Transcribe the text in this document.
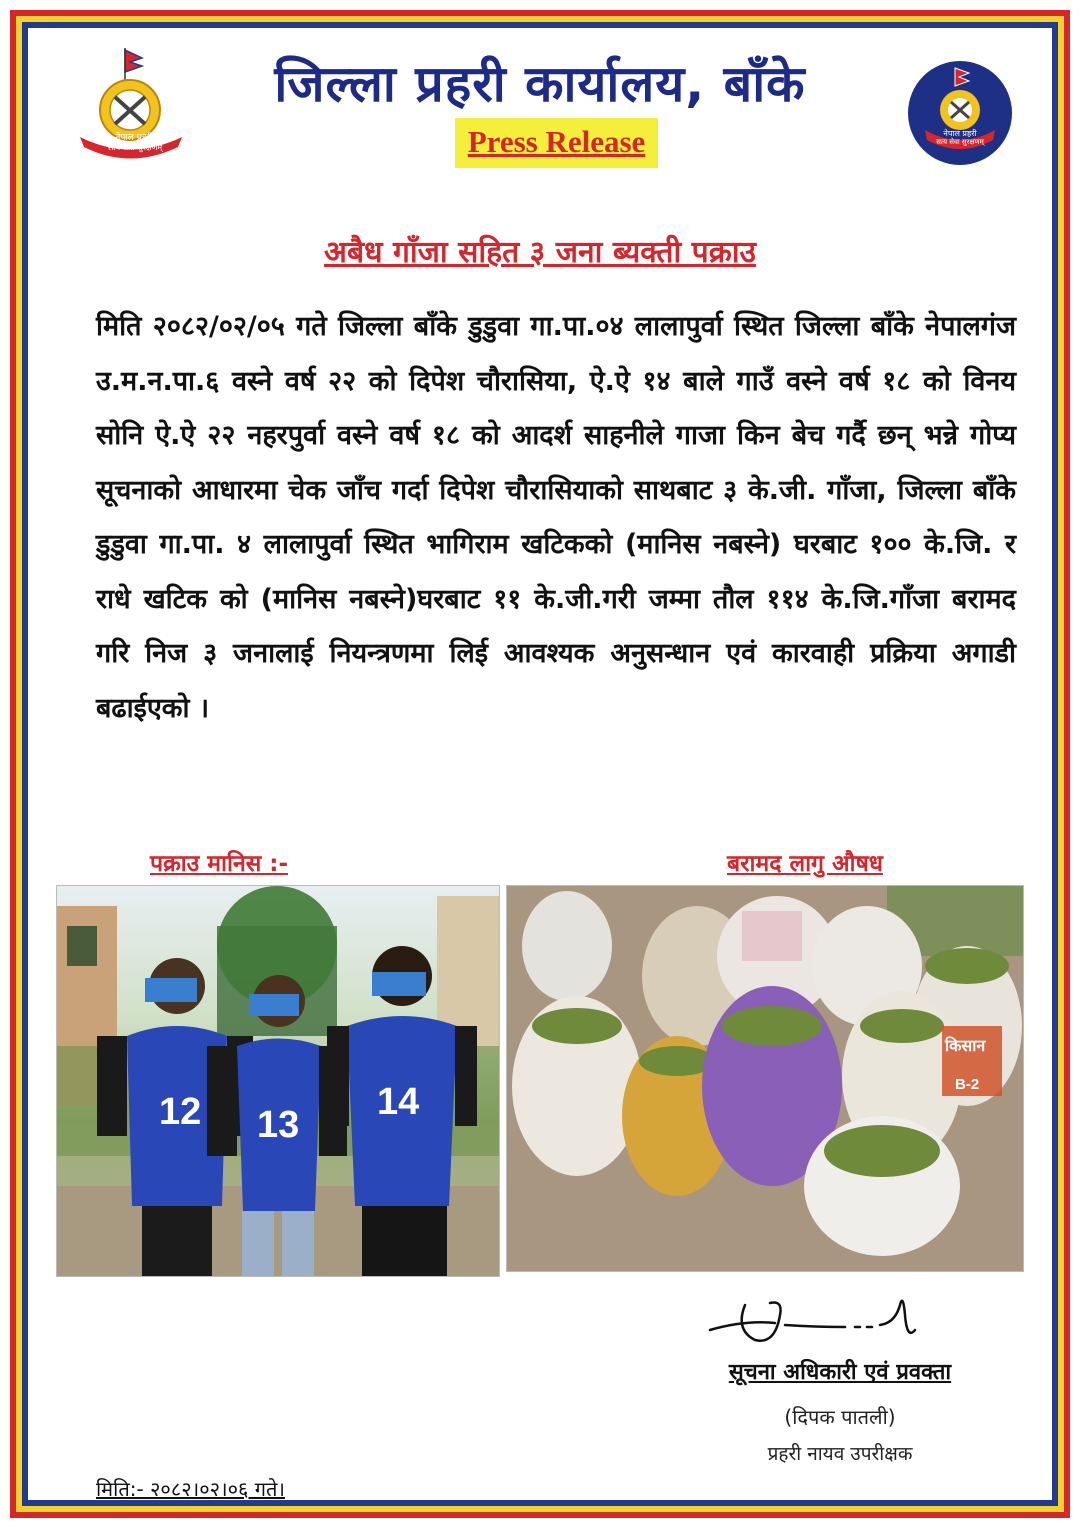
नेपाल प्रहरी
सत्य सेवा सुरक्षणम्
नेपाल प्रहरी
सत्य सेवा सुरक्षणम्
जिल्ला प्रहरी कार्यालय, बाँके
Press Release
अबैध गाँजा सहित ३ जना ब्यक्ती पक्राउ
मिति २०८२/०२/०५ गते जिल्ला बाँके डुडुवा गा.पा.०४ लालापुर्वा स्थित जिल्ला बाँके नेपालगंज उ.म.न.पा.६ वस्ने वर्ष २२ को दिपेश चौरासिया, ऐ.ऐ १४ बाले गाउँ वस्ने वर्ष १८ को विनय सोनि ऐ.ऐ २२ नहरपुर्वा वस्ने वर्ष १८ को आदर्श साहनीले गाजा किन बेच गर्दै छन् भन्ने गोप्य सूचनाको आधारमा चेक जाँच गर्दा दिपेश चौरासियाको साथबाट ३ के.जी. गाँजा, जिल्ला बाँके डुडुवा गा.पा. ४ लालापुर्वा स्थित भागिराम खटिकको (मानिस नबस्ने) घरबाट १०० के.जि. र राधे खटिक को (मानिस नबस्ने)घरबाट ११ के.जी.गरी जम्मा तौल ११४ के.जि.गाँजा बरामद गरि निज ३ जनालाई नियन्त्रणमा लिई आवश्यक अनुसन्धान एवं कारवाही प्रक्रिया अगाडी बढाईएको ।
पक्राउ मानिस :-	बरामद लागु औषध
12 13
14
किसान
B-2
सूचना अधिकारी एवं प्रवक्ता
(दिपक पातली)
प्रहरी नायव उपरीक्षक
मिति:- २०८२।०२।०६ गते।
